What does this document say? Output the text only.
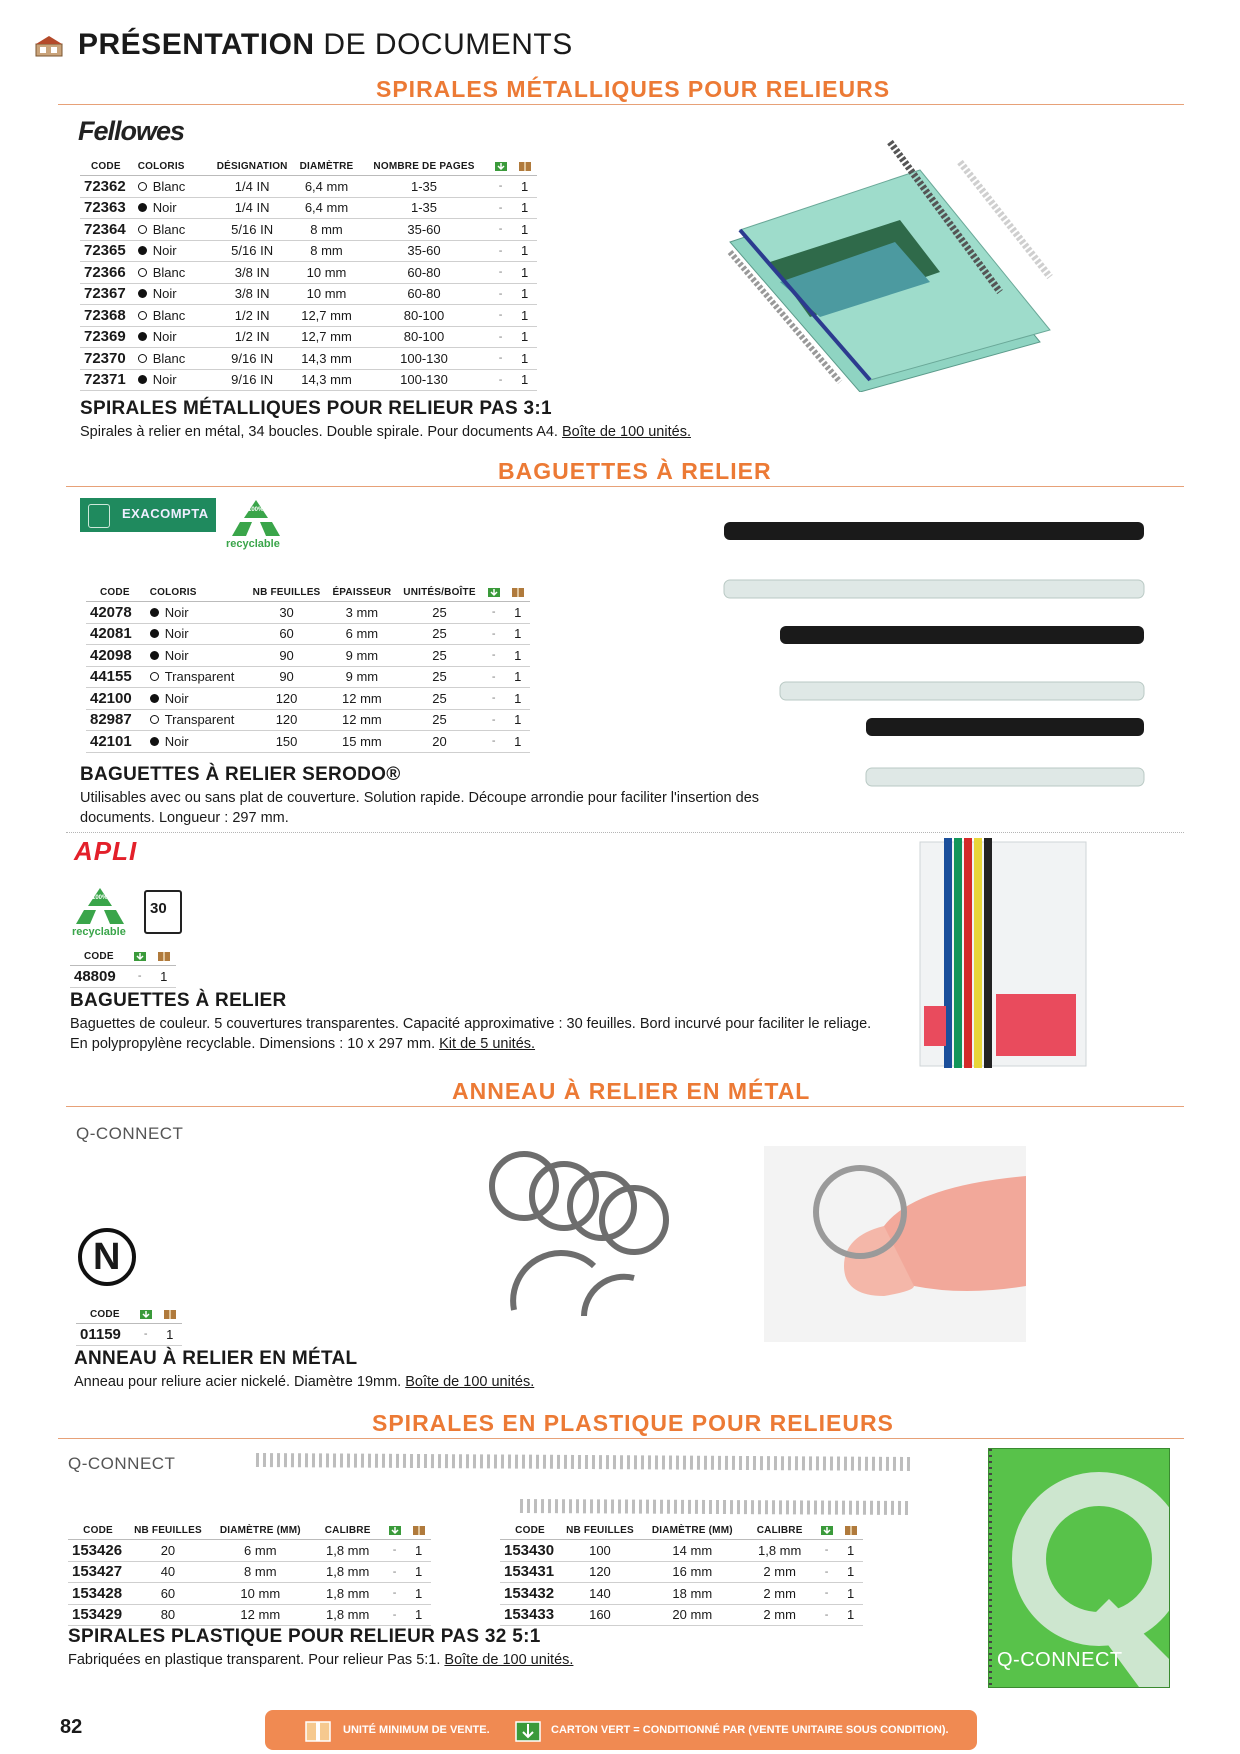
PRÉSENTATION DE DOCUMENTS
SPIRALES MÉTALLIQUES POUR RELIEURS
Fellowes
CODE	COLORIS	DÉSIGNATION	DIAMÈTRE	NOMBRE DE PAGES		
72362	Blanc	1/4 IN	6,4 mm	1-35	-	1
72363	Noir	1/4 IN	6,4 mm	1-35	-	1
72364	Blanc	5/16 IN	8 mm	35-60	-	1
72365	Noir	5/16 IN	8 mm	35-60	-	1
72366	Blanc	3/8 IN	10 mm	60-80	-	1
72367	Noir	3/8 IN	10 mm	60-80	-	1
72368	Blanc	1/2 IN	12,7 mm	80-100	-	1
72369	Noir	1/2 IN	12,7 mm	80-100	-	1
72370	Blanc	9/16 IN	14,3 mm	100-130	-	1
72371	Noir	9/16 IN	14,3 mm	100-130	-	1
SPIRALES MÉTALLIQUES POUR RELIEUR PAS 3:1
Spirales à relier en métal, 34 boucles. Double spirale. Pour documents A4. Boîte de 100 unités.
BAGUETTES À RELIER
EXACOMPTA	100%
recyclable
CODE	COLORIS	NB FEUILLES	ÉPAISSEUR	UNITÉS/BOÎTE		
42078	Noir	30	3 mm	25	-	1
42081	Noir	60	6 mm	25	-	1
42098	Noir	90	9 mm	25	-	1
44155	Transparent	90	9 mm	25	-	1
42100	Noir	120	12 mm	25	-	1
82987	Transparent	120	12 mm	25	-	1
42101	Noir	150	15 mm	20	-	1
BAGUETTES À RELIER SERODO®
Utilisables avec ou sans plat de couverture. Solution rapide. Découpe arrondie pour faciliter l'insertion des documents. Longueur : 297 mm.
APLI
100%
recyclable
30
CODE		
48809	-	1
BAGUETTES À RELIER
Baguettes de couleur. 5 couvertures transparentes. Capacité approximative : 30 feuilles. Bord incurvé pour faciliter le reliage. En polypropylène recyclable. Dimensions : 10 x 297 mm. Kit de 5 unités.
ANNEAU À RELIER EN MÉTAL
Q-CONNECT
N
CODE		
01159	-	1
ANNEAU À RELIER EN MÉTAL
Anneau pour reliure acier nickelé. Diamètre 19mm. Boîte de 100 unités.
SPIRALES EN PLASTIQUE POUR RELIEURS
Q-CONNECT
CODE	NB FEUILLES	DIAMÈTRE (MM)	CALIBRE		
153426	20	6 mm	1,8 mm	-	1
153427	40	8 mm	1,8 mm	-	1
153428	60	10 mm	1,8 mm	-	1
153429	80	12 mm	1,8 mm	-	1
CODE	NB FEUILLES	DIAMÈTRE (MM)	CALIBRE		
153430	100	14 mm	1,8 mm	-	1
153431	120	16 mm	2 mm	-	1
153432	140	18 mm	2 mm	-	1
153433	160	20 mm	2 mm	-	1
Q-CONNECT
SPIRALES PLASTIQUE POUR RELIEUR PAS 32 5:1
Fabriquées en plastique transparent. Pour relieur Pas 5:1. Boîte de 100 unités.
82	UNITÉ MINIMUM DE VENTE.	CARTON VERT = CONDITIONNÉ PAR (VENTE UNITAIRE SOUS CONDITION).
